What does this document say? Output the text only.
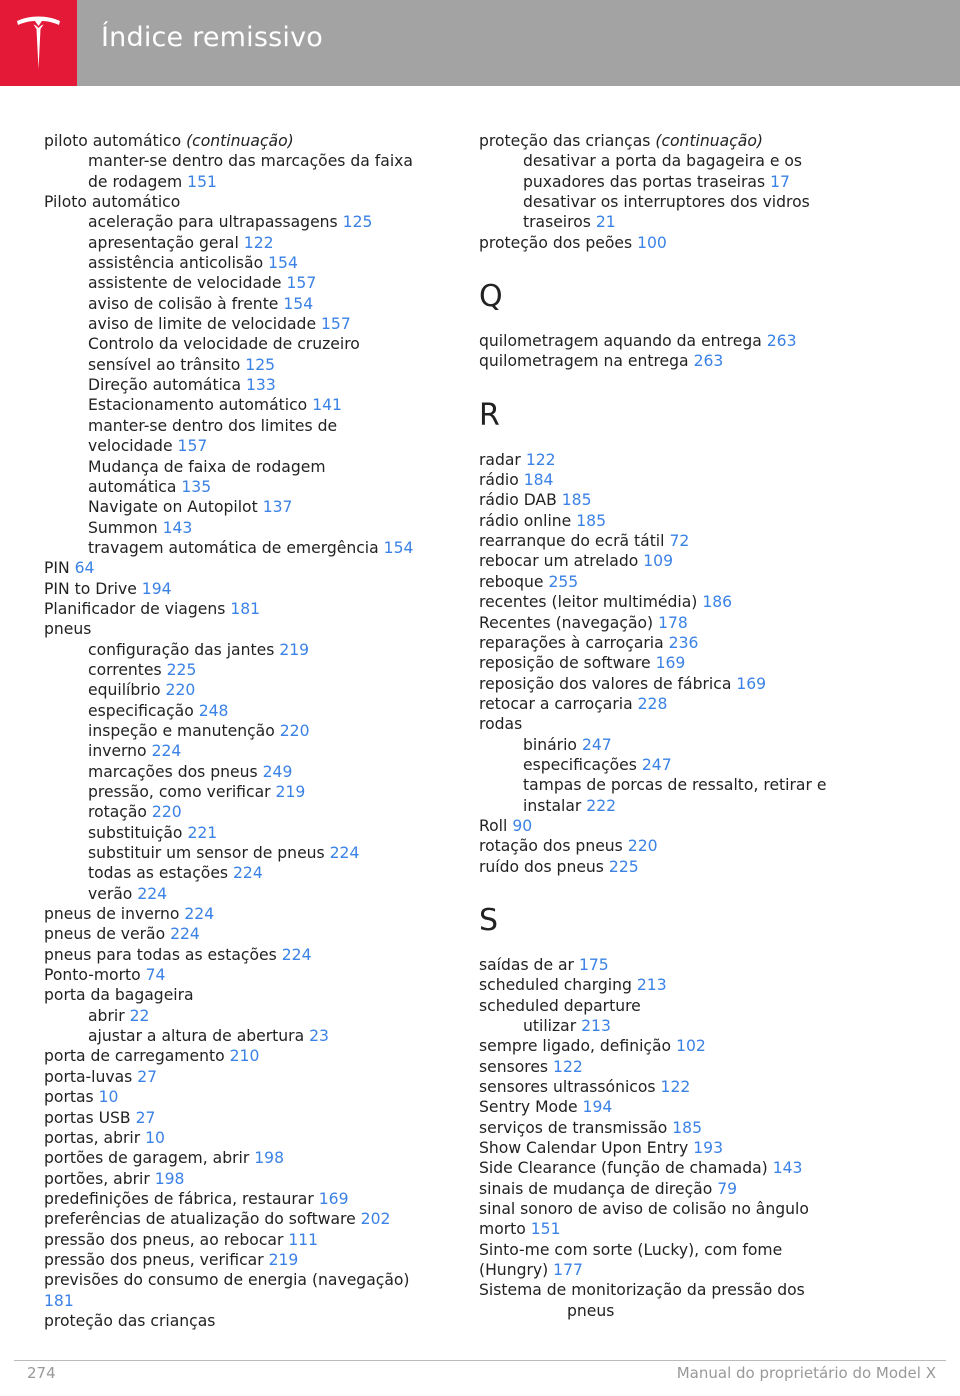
Índice remissivo
piloto automático (continuação)
manter-se dentro das marcações da faixa
de rodagem 151
Piloto automático
aceleração para ultrapassagens 125
apresentação geral 122
assistência anticolisão 154
assistente de velocidade 157
aviso de colisão à frente 154
aviso de limite de velocidade 157
Controlo da velocidade de cruzeiro
sensível ao trânsito 125
Direção automática 133
Estacionamento automático 141
manter-se dentro dos limites de
velocidade 157
Mudança de faixa de rodagem
automática 135
Navigate on Autopilot 137
Summon 143
travagem automática de emergência 154
PIN 64
PIN to Drive 194
Planificador de viagens 181
pneus
configuração das jantes 219
correntes 225
equilíbrio 220
especificação 248
inspeção e manutenção 220
inverno 224
marcações dos pneus 249
pressão, como verificar 219
rotação 220
substituição 221
substituir um sensor de pneus 224
todas as estações 224
verão 224
pneus de inverno 224
pneus de verão 224
pneus para todas as estações 224
Ponto-morto 74
porta da bagageira
abrir 22
ajustar a altura de abertura 23
porta de carregamento 210
porta-luvas 27
portas 10
portas USB 27
portas, abrir 10
portões de garagem, abrir 198
portões, abrir 198
predefinições de fábrica, restaurar 169
preferências de atualização do software 202
pressão dos pneus, ao rebocar 111
pressão dos pneus, verificar 219
previsões do consumo de energia (navegação)
181
proteção das crianças
proteção das crianças (continuação)
desativar a porta da bagageira e os
puxadores das portas traseiras 17
desativar os interruptores dos vidros
traseiros 21
proteção dos peões 100
Q
quilometragem aquando da entrega 263
quilometragem na entrega 263
R
radar 122
rádio 184
rádio DAB 185
rádio online 185
rearranque do ecrã tátil 72
rebocar um atrelado 109
reboque 255
recentes (leitor multimédia) 186
Recentes (navegação) 178
reparações à carroçaria 236
reposição de software 169
reposição dos valores de fábrica 169
retocar a carroçaria 228
rodas
binário 247
especificações 247
tampas de porcas de ressalto, retirar e
instalar 222
Roll 90
rotação dos pneus 220
ruído dos pneus 225
S
saídas de ar 175
scheduled charging 213
scheduled departure
utilizar 213
sempre ligado, definição 102
sensores 122
sensores ultrassónicos 122
Sentry Mode 194
serviços de transmissão 185
Show Calendar Upon Entry 193
Side Clearance (função de chamada) 143
sinais de mudança de direção 79
sinal sonoro de aviso de colisão no ângulo
morto 151
Sinto-me com sorte (Lucky), com fome
(Hungry) 177
Sistema de monitorização da pressão dos
pneus
274	Manual do proprietário do Model X
